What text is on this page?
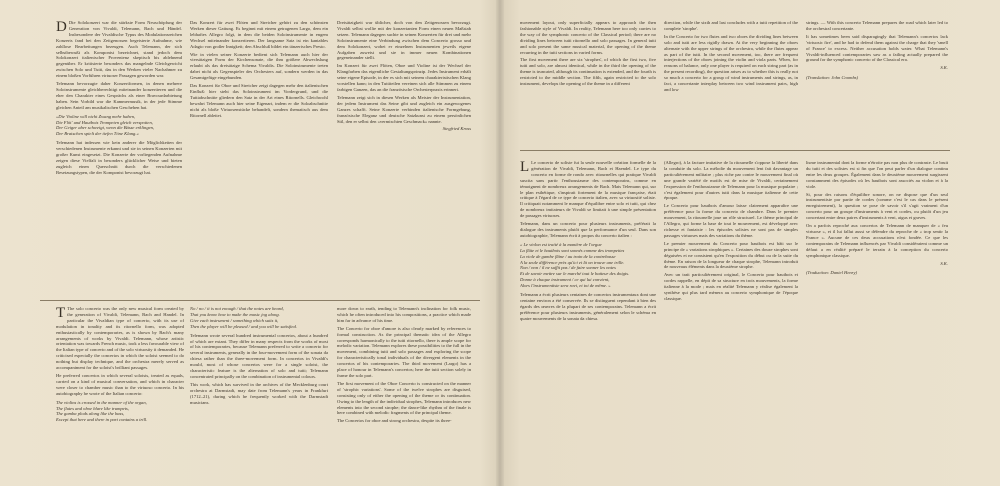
D Die Solokonzert war die stärkste Form Neuschöpfung der Generation von Vivaldi, Telemann, Bach und Händel. Insbesondere der Vivaldische Typus des Modulationsreichen Konzerts fand bei den Zeitgenossen begeisterte Aufnahme, wie zahllose Bearbeitungen bezeugen. Auch Telemann, der sich selbstbewußt als Komponist bezeichnet, stand jedoch dem Solokonzert italienischer Provenienz skeptisch bis ablehnend gegenüber. Er kritisierte besonders das mangelnde Gleichgewicht zwischen Solo und Tutti, das in den Werken vieler Nachahmer zu einem bloßen Vorführen virtuoser Passagen geworden war.

Telemann bevorzugte daher Konzertformen, in denen mehrere Soloinstrumente gleichberechtigt miteinander konzertieren und die eher den Charakter eines Gesprächs als einer Bravourdarbietung haben. Sein Vorbild war die Kammermusik, in der jede Stimme gleichen Anteil am musikalischen Geschehen hat.

»Die Violine will nicht Zwang mehr haben,
Die Flöt' und Hautbois Trompeten gleich verspotten,
Der Geiger aber schweigt, wenn die Bässe erklingen,
Der Bratschen spielt der tiefen Töne Klang.«

Telemann hat indessen wie kein anderer die Möglichkeiten der verschiedenen Instrumente erkannt und sie in seinen Konzerten mit großer Kunst eingesetzt. Die Konzerte der vorliegenden Aufnahme zeigen diese Vielfalt in besonders glücklicher Weise und bieten zugleich einen Querschnitt durch die verschiedenen Besetzungstypen, die der Komponist bevorzugt hat.

Das Konzert für zwei Flöten und Streicher gehört zu den schönsten Werken dieser Gattung. Es beginnt mit einem getragenen Largo, dem ein lebhaftes Allegro folgt, in dem die beiden Soloinstrumente in engem Wechsel miteinander konzertieren. Der langsame Satz ist ein kantables Adagio von großer Innigkeit; den Abschluß bildet ein tänzerisches Presto.

Wie in vielen seiner Konzerte bedient sich Telemann auch hier der viersätzigen Form der Kirchensonate, die ihm größere Abwechslung erlaubt als das dreisätzige Schema Vivaldis. Die Soloinstrumente treten dabei nicht als Gegenspieler des Orchesters auf, sondern werden in das Gesamtgefüge eingebunden.

Das Konzert für Oboe und Streicher zeigt dagegen mehr den italienischen Einfluß: hier steht das Soloinstrument im Vordergrund, und die Tuttiabschnitte gliedern den Satz in der Art eines Ritornells. Gleichwohl bewahrt Telemann auch hier seine Eigenart, indem er die Soloabschnitte nicht als bloße Virtuosenstücke behandelt, sondern thematisch aus dem Ritornell ableitet.

Dreisätzigkeit war üblicher, doch von den Zeitgenossen bevorzugt. Vivaldi selbst wollte mit der konzertanten Form einen neuen Maßstab setzen. Telemann dagegen suchte in seinen Konzerten für drei und mehr Soloinstrumente eine Verbindung zwischen dem Concerto grosso und dem Solokonzert, wobei er einzelnen Instrumenten jeweils eigene Aufgaben zuweist und sie in immer neuen Kombinationen gegeneinander stellt.

Im Konzert für zwei Flöten, Oboe und Violine ist der Wechsel der Klangfarben das eigentliche Gestaltungsprinzip. Jedes Instrument erhält seine eigene Episode, in der es sich mit seinem charakteristischen Klang vorstellen kann; in den Tuttiteilen vereinen sich alle Stimmen zu einem farbigen Ganzen, das an die französische Orchesterpraxis erinnert.

Telemann zeigt sich in diesen Werken als Meister der Instrumentation, der jedem Instrument das Seine gibt und zugleich ein ausgewogenes Ganzes schafft. Seine Konzerte verbinden italienische Formgebung, französische Eleganz und deutsche Satzkunst zu einem persönlichen Stil, den er selbst den »vermischten Geschmack« nannte.

Siegfried Kross

T The solo concerto was the only new musical form created by the generation of Vivaldi, Telemann, Bach and Handel. In particular the Vivaldian type of concerto, with its use of modulation in tonality and its ritornello form, was adopted enthusiastically by contemporaries, as is shown by Bach's many arrangements of works by Vivaldi. Telemann, whose artistic orientation was towards French music, took a less favourable view of the Italian type of concerto and of the solo virtuosity it demanded. He criticised especially the concertos in which the soloist seemed to do nothing but display technique, and the orchestra merely served as accompaniment for the soloist's brilliant passages.

He preferred concertos in which several soloists, treated as equals, carried on a kind of musical conversation, and which in character were closer to chamber music than to the virtuoso concerto. In his autobiography he wrote of the Italian concerto:

The violins is crossed in the manner of the organ,
The flutes and oboe blare like trumpets,
The gamba plods along like the bass,
Except that here and there in part contains a trill.
No / no / it is not enough / that the notes are heard,
That you know how to make the music jog along.
Give each instrument / something which suits it,
Then the player will be pleased / and you will be satisfied.

Telemann wrote several hundred instrumental concertos, about a hundred of which are extant. They differ in many respects from the works of most of his contemporaries, because Telemann preferred to write a concerto for several instruments, generally in the four-movement form of the sonata da chiesa rather than the three-movement form. In concertos in Vivaldi's mould, most of whose concertos were for a single soloist, the characteristic feature is the alternation of solo and tutti; Telemann concentrated principally on the combination of instrumental colours.

This work, which has survived in the archives of the Mecklenburg court orchestra at Darmstadt, may date from Telemann's years in Frankfurt (1712–21), during which he frequently worked with the Darmstadt musicians.

more down to earth, tending to Telemann's inclination for folk music, which he often introduced into his compositions, a practice which made him far in advance of his time.

The Concerto for oboe d'amore is also clearly marked by references to formal construction. As the principal thematic idea of the Allegro corresponds harmonically to the tutti ritornello, there is ample scope for melodic variation. Telemann explores these possibilities to the full in the movement, combining tutti and solo passages and exploring the scope for characteristically tonal individuals of the divergent elements in the concertos of his contemporaries. The third movement (Largo) has a place of honour in Telemann's concertos; here the tutti section solely in frame the solo part.

The first movement of the Oboe Concerto is constructed on the manner of 'strophic variations'. Some of the twelve strophes are disguised, consisting only of either the opening of the theme or its continuation. Owing to the length of the individual strophes, Telemann introduces new elements into the second strophe; the dance-like rhythm of the finale is here combined with melodic fragments of the principal theme.

The Concertos for oboe and strong orchestra, despite its three-

movement layout, only superficially appears to approach the then fashionable style of Vivaldi. In reality, Telemann here too only carries to the way of the symphonic concerto of the Classical period; there are no dividing lines between tutti ritornello and solo passages. In general tutti and solo present the same musical material, the opening of the theme recurring in the tutti sections in varied forms.

The first movement there are six 'strophes', of which the first two, five tutti and solo, are almost identical, while in the third the opening of the theme is truncated, although its continuation is extended, and the fourth is restricted to the middle section. The fifth, again restricted to the solo instrument, develops the opening of the theme in a different

direction, while the sixth and last concludes with a tutti repetition of the complete 'strophe'.

In the Concerto for two flutes and two oboes the dividing lines between solo and tutti are less rigidly drawn. At the very beginning the oboes alternate with the upper strings of the orchestra, while the flutes appear as part of the tutti. In the second movement, too, there are frequent interjections of the oboes joining the violin and viola parts. When, for reasons of balance, only one player is required on each string part (as in the present recording), the question arises as to whether this is really not so much a concerto for a group of wind instruments and strings, as, in fact, a concertante interplay between two wind instrument pairs, high and low

strings. — With this concerto Telemann prepares the road which later led to the orchestral concertante.

It has sometimes been said disparagingly that Telemann's concertos lack 'virtuosic fire', and he had to defend them against the charge that they 'smell of France' to excess. Neither accusation holds water. What Telemann's Vivaldi-influenced contemporaries saw as a failing actually prepared the ground for the symphonic concerto of the Classical era.

S.K.
(Translation: John Coombs)

L Le concerto de soliste fut la seule nouvelle création formelle de la génération de Vivaldi, Telemann, Bach et Haendel. Le type du concerto en forme de rondo avec ritournelles qui pratique Vivaldi suscita sans partir l'enthousiasme des contemporains, comme en témoignent de nombreux arrangements de Bach. Mais Telemann qui, sur le plan esthétique, s'inspirait fortement de la musique française, était critique à l'égard de ce type de concerto italien, avec sa virtuosité soliste. Il critiquait notamment le manque d'équilibre entre solo et tutti, qui chez de nombreux imitateurs de Vivaldi se limitait à une simple présentation de passages virtuoses.

Telemann, dans un concerto pour plusieurs instruments, préférait la dialogue des instruments plutôt que la performance d'un seul. Dans son autobiographie, Telemann écrit à propos du concerto italien :

« Le violon est traité à la manière de l'orgue
La flûte et le hautbois sont sonnés comme des trompettes
La viole de gambe flâne / au train de la contrebasse
A la seule différence près qu'ici et là on trouve une trille.
Non / non / il ne suffit pas / de faire sonner les notes
Et de savoir mettre sur le marché tout le batteur des doigts.
Donne à chaque instrument / ce qui lui convient,
Alors l'instrumentiste sera ravi, et toi de même. »

Telemann a écrit plusieurs centaines de concertos instrumentaux dont une centaine environ a été conservée. Ils se distinguent cependant à bien des égards des œuvres de la plupart de ses contemporains. Telemann a écrit préférence pour plusieurs instruments, généralement selon le schéma en quatre mouvements de la sonata da chiesa.

(Allegro), à la facture imitative de la ritournelle s'oppose la liberté dans la conduite du solo. La mélodie du mouvement lent fait davantage un particulièrement militaire ; plus riche par contre le mouvement final où une grande variété de motifs est de mise de Vivaldi, certainement l'expression de l'enthousiasme de Telemann pour la musique populaire ; c'est également pour d'autres tutti dans la musique italienne de cette époque.

Le Concerto pour hautbois d'amour laisse clairement apparaître une préférence pour la forme du concerto de chambre. Dans le premier mouvement, la ritournelle joue un rôle structurel. Le thème principal de l'Allegro, qui forme la base de tout le mouvement, est développé avec richesse et fantaisie : les épisodes solistes ne sont pas de simples passages virtuoses mais des variations du thème.

Le premier mouvement du Concerto pour hautbois est bâti sur le principe de « variations strophiques ». Certaines des douze strophes sont déguisées et ne consistent qu'en l'exposition du début ou de la suite du thème. En raison de la longueur de chaque strophe, Telemann introduit de nouveaux éléments dans la deuxième strophe.

Avec un trait particulièrement original, le Concerto pour hautbois et cordes rappelle, en dépit de sa structure en trois mouvements, la forme italienne à la mode ; mais en réalité Telemann y réalise également la synthèse qui plus tard mènera au concerto symphonique de l'époque classique.

lisme instrumental dont la forme n'étroite pas non plus de contraste. Le bruit du tutti et des solistes est si fin que l'on peut parler d'un dialogue continu entre les deux groupes. Également dans le deuxième mouvement surgissent constamment des épisodes où les hautbois sont associés au violon et à la viole.

Si, pour des raisons d'équilibre sonore, on ne dispose que d'un seul instrumentiste par partie de cordes (comme c'est le cas dans le présent enregistrement), la question se pose de savoir s'il s'agit vraiment d'un concerto pour un groupe d'instruments à vent et cordes, ou plutôt d'un jeu concertant entre deux paires d'instruments à vent, aigus et graves.

On a parfois reproché aux concertos de Telemann de manquer de « feu virtuose », et il lui fallut aussi se défendre du reproche de « trop sentir la France ». Aucune de ces deux accusations n'est fondée. Ce que les contemporains de Telemann influencés par Vivaldi considéraient comme un défaut a en réalité préparé le terrain à la conception du concerto symphonique classique.

S.K.
(Traduction: Daniel Henry)
